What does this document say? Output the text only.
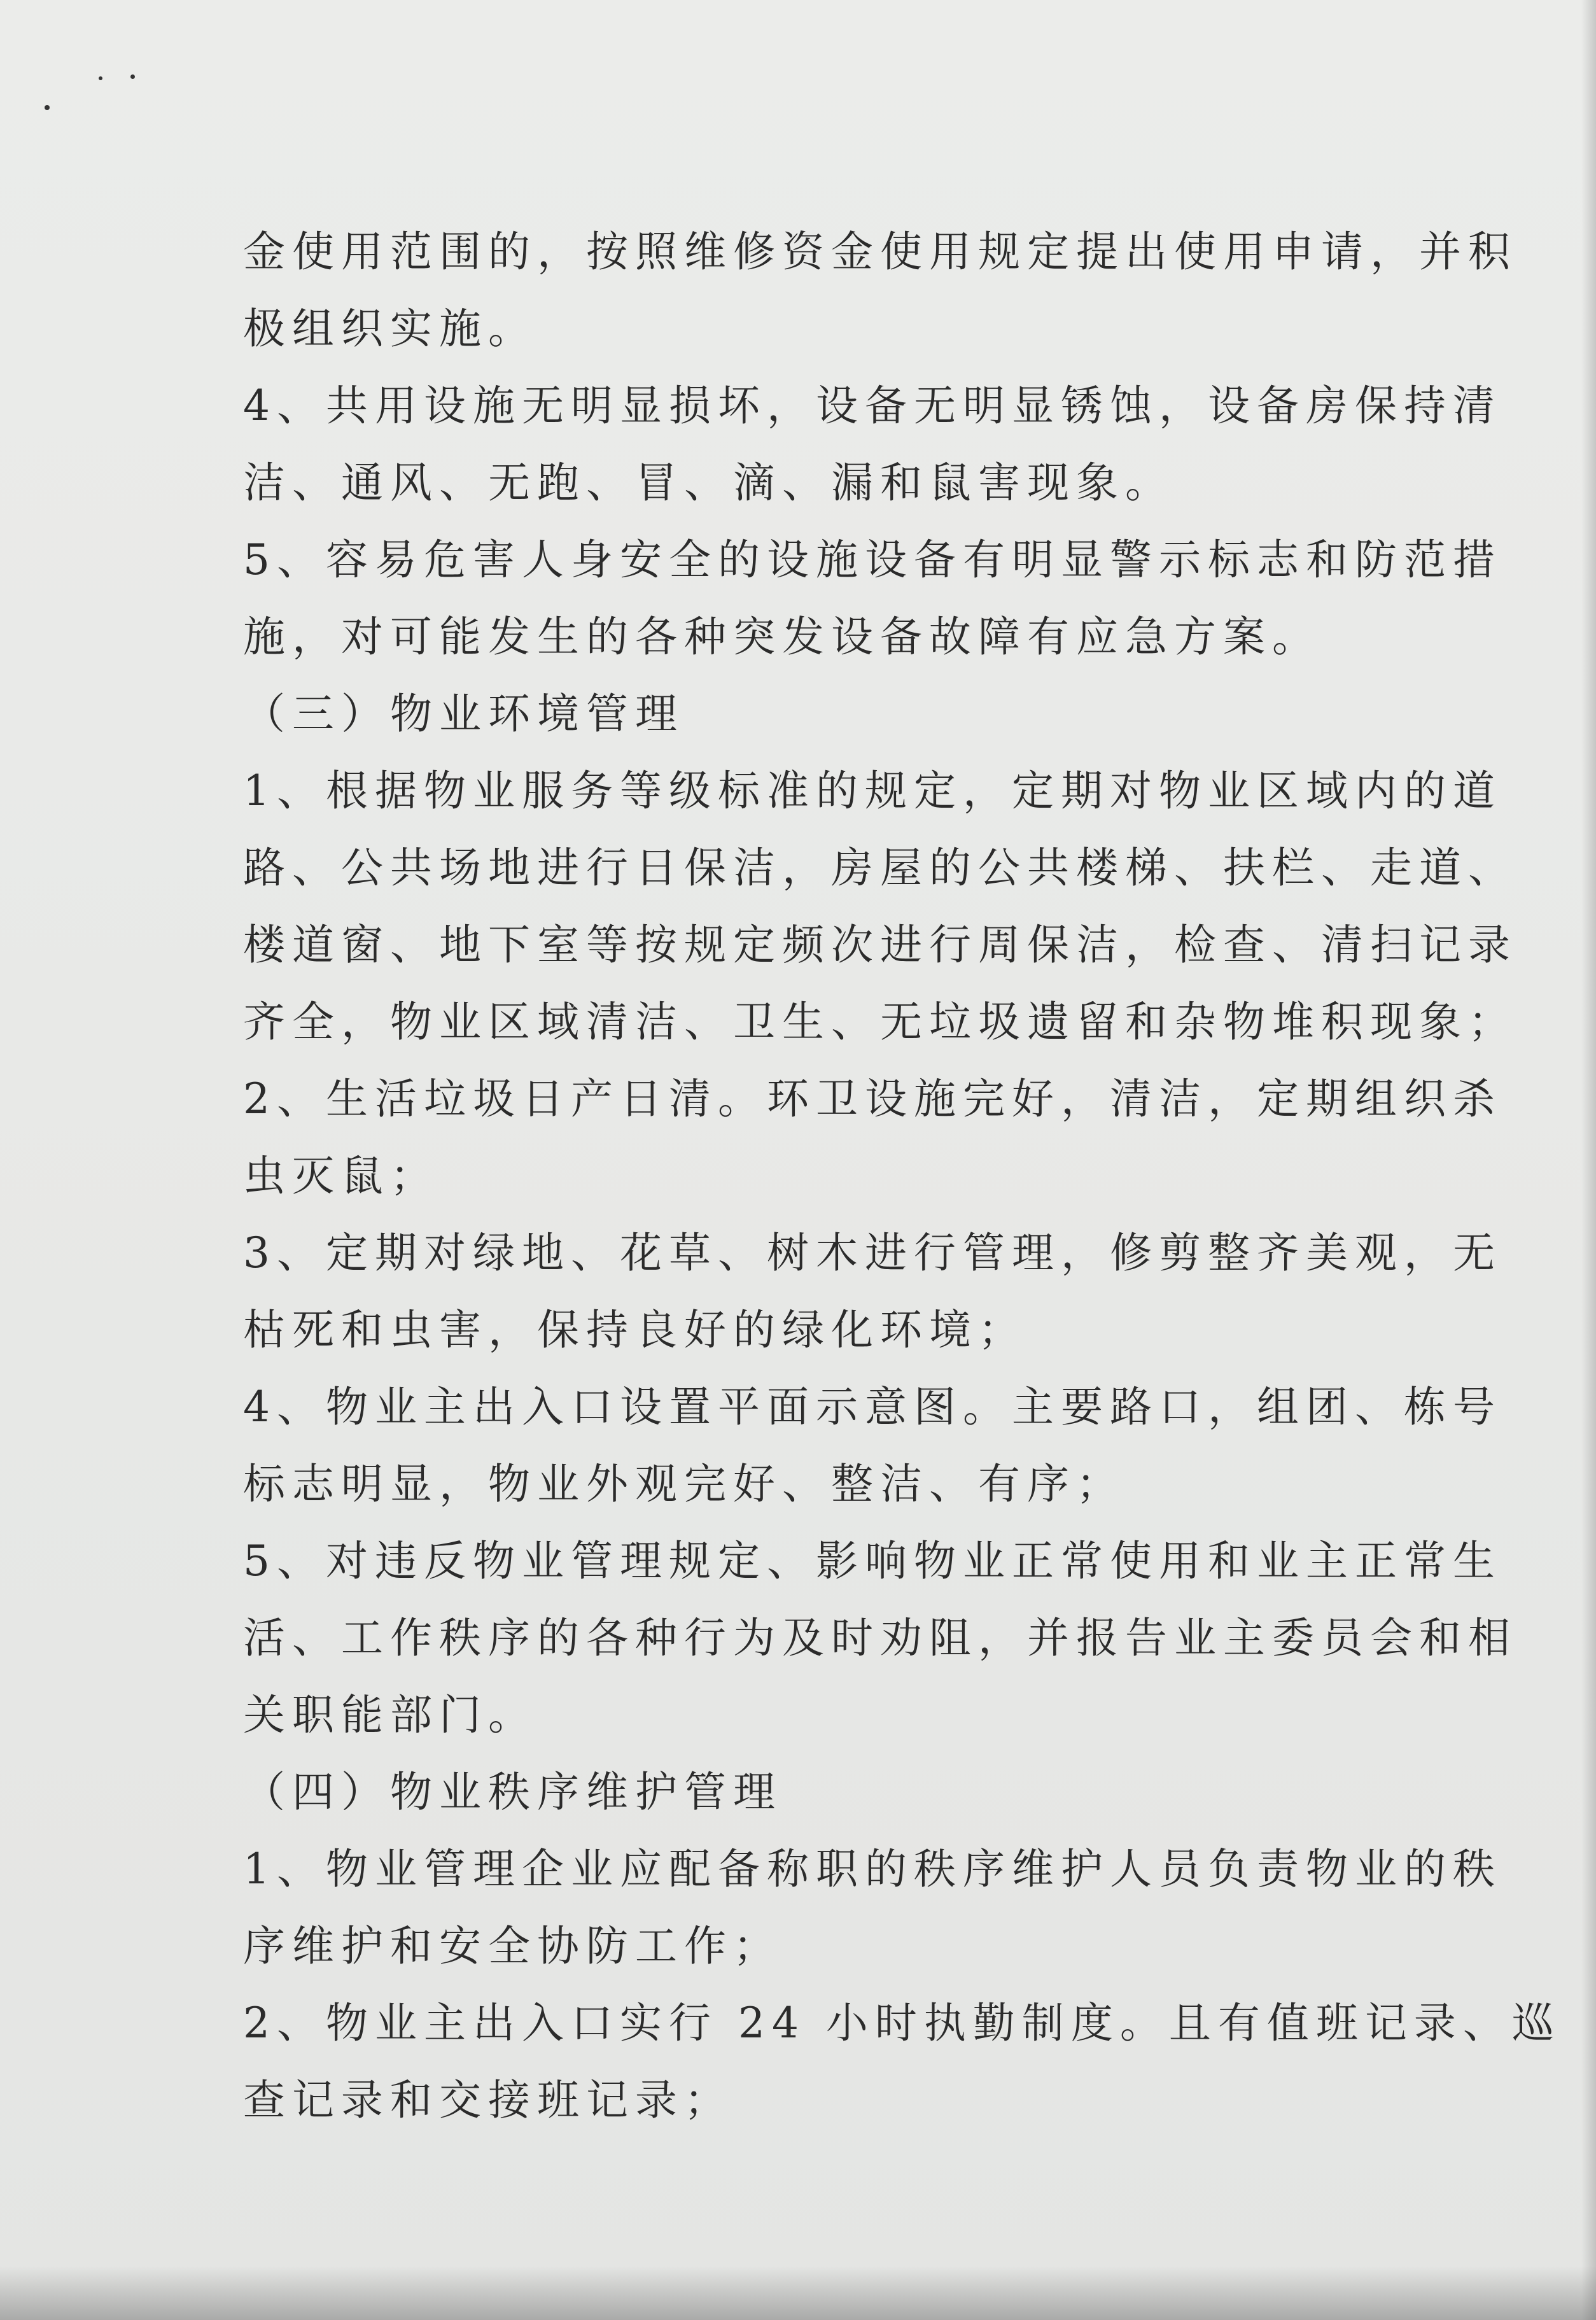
金使用范围的，按照维修资金使用规定提出使用申请，并积
极组织实施。
4、共用设施无明显损坏，设备无明显锈蚀，设备房保持清
洁、通风、无跑、冒、滴、漏和鼠害现象。
5、容易危害人身安全的设施设备有明显警示标志和防范措
施，对可能发生的各种突发设备故障有应急方案。
（三）物业环境管理
1、根据物业服务等级标准的规定，定期对物业区域内的道
路、公共场地进行日保洁，房屋的公共楼梯、扶栏、走道、
楼道窗、地下室等按规定频次进行周保洁，检查、清扫记录
齐全，物业区域清洁、卫生、无垃圾遗留和杂物堆积现象；
2、生活垃圾日产日清。环卫设施完好，清洁，定期组织杀
虫灭鼠；
3、定期对绿地、花草、树木进行管理，修剪整齐美观，无
枯死和虫害，保持良好的绿化环境；
4、物业主出入口设置平面示意图。主要路口，组团、栋号
标志明显，物业外观完好、整洁、有序；
5、对违反物业管理规定、影响物业正常使用和业主正常生
活、工作秩序的各种行为及时劝阻，并报告业主委员会和相
关职能部门。
（四）物业秩序维护管理
1、物业管理企业应配备称职的秩序维护人员负责物业的秩
序维护和安全协防工作；
2、物业主出入口实行 24 小时执勤制度。且有值班记录、巡
查记录和交接班记录；
